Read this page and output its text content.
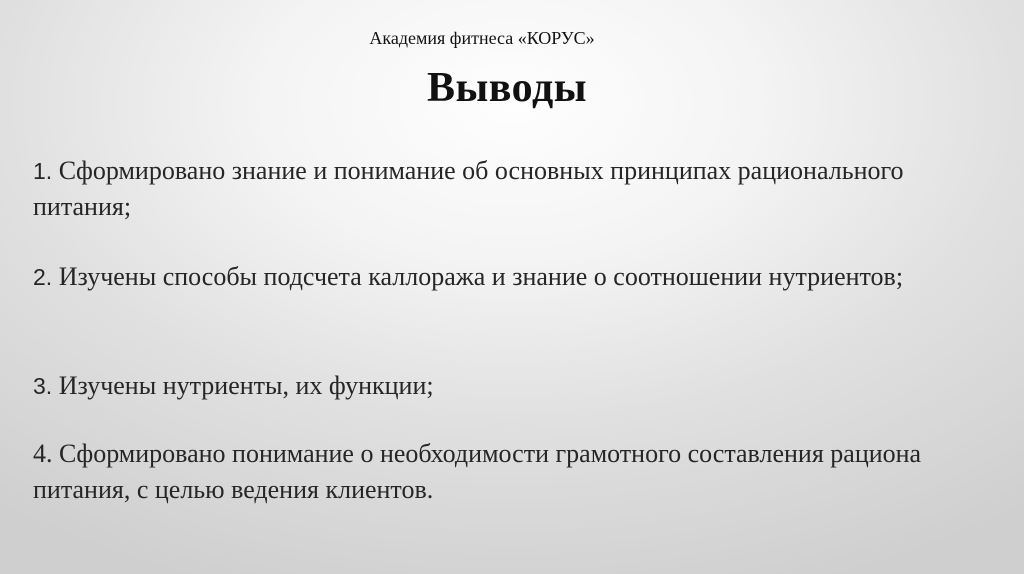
Академия фитнеса «КОРУС»
Выводы
1. Сформировано знание и понимание об основных принципах рационального питания;
2. Изучены способы подсчета каллоража и знание о соотношении нутриентов;
3. Изучены нутриенты, их функции;
4. Сформировано понимание о необходимости грамотного составления рациона питания, с целью ведения клиентов.
